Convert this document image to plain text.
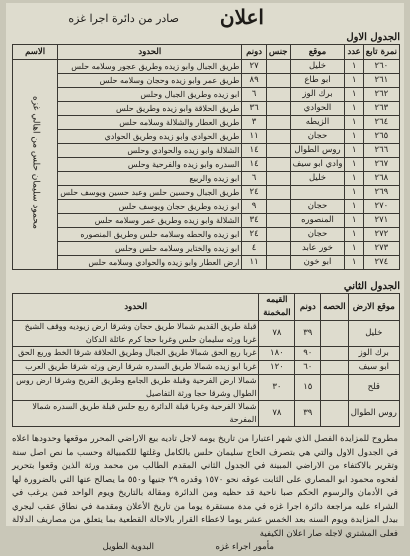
اعلان
صادر من دائرة اجرا غزه
الجدول الاول
نمرة تابع	عدد	موقع	جنس	دونم	الحدود	الاسم
٢٦٠	١	خليل		٢٧	طريق الجبال وابو زيده وطريق عجور وسلامه حلس	محمود سليمان حلس من اهالي غزه
٢٦١	١	ابو طاع		٨٩	طريق عمر وابو زيده وحجان وسلامه حلس	
٢٦٢	١	برك الوز		٦	ابو زيده وطريق الجبال وحلس	
٢٦٣	١	الحوادي		٣٦	طريق الحلاقة وابو زيده وطريق حلس	
٢٦٤	١	الزيطه		٣	طريق العطار والشلالة وسلامه حلس	
٢٦٥	١	حجان		١١	طريق الحوادي وابو زيده وطريق الحوادي	
٢٦٦	١	روس الطوال		١٤	الشلالة وابو زيده والحوادي وحلس	
٢٦٧	١	وادي ابو سيف		١٤	السدره وابو زيده والفرحية وحلس	
٢٦٨	١	خليل		٦	ابو زيده والربيع	
٢٦٩	١			٢٤	طريق الجبال وحسين حلس وعبد حسين ويوسف حلس	
٢٧٠	١	حجان		٩	ابو زيده وطريق حجان ويوسف حلس	
٢٧١	١	المنصوره		٣٤	الشلالة وابو زيده وطريق عمر وسلامه حلس	
٢٧٢	١	حجان		٢٤	ابو زيده والحطه وسلامه حلس وطريق المنصوره	
٢٧٣	١	خور عابد		٤	ابو زيده والختاير وسلامه حلس وحلس	
٢٧٤	١	ابو خون		١١	ارض العطار وابو زيده والحوادي وسلامه حلس	
الجدول الثاني
موقع الارض	الحصه	دونم	القيمه المخمنة	الحدود
خليل		٣٩	٧٨	قبلة طريق القديم شمالا طريق حجان وشرقا ارض زيوديه ووقف الشيخ غربا ورثه سليمان حلس وغربا حجا كرم عائلة الدكان
برك الوز		٩٠	١٨٠	غربا ربع الحق شمالا طريق الجبال وطريق الحلاقة شرقا الخط وربع الحق
ابو سيف		٦٠	١٢٠	غربا ابو زيده شمالا طريق السدره شرقا ارض ورثه شرقا طريق العرب
قلح		١٥	٣٠	شمالا ارض الفرحية وقبلة طريق الجامع وطريق الفريح وشرقا ارض روس الطوال وشرقا حجا ورثة التفاصيل
روس الطوال		٣٩	٧٨	شمالا الفرحية وغربا قبلة الدائرة ربع حلس قبلة طريق السدره شمالا المفرحة

مطروح للمزايدة الفصل الذي شهر اعتبارا من تاريخ يومه لاجل تاديه بيع الاراضي المحرر موقعها وحدودها اعلاه في الجدول الاول والتي هي بتصرف الحاج سليمان حلس بالكامل وغلتها للكمبيالة وحسب ما نص اصل سنة وتقرير بالاكتفاء من الاراضي المبينة في الجدول الثاني المقدم الطالب من محمد ورثة الذين وقعوا بتحرير لفحوه محمود ابو المصاري على الثابت عوقه نحو ١٥٧٠ وقدره ٢٩ جنيها و٥٥٠ ما يصالح عنها التي بالضرورة لها في الأدمان والرسوم الحكم صبا ناحية قد حظيه ومن الدائرة ومقالة بالتاريخ ويوم الواحد فمن يرغب في الشراء عليه مراجعة دائرة اجرا غزه في مدة مستقرة يوما من تاريخ الأعلان ومقدمة في نطاق عقب ليجري بيدل المزايدة ويوم السنه بعد الخمس عشر يوما لاعطاء القرار بالاحالة القطعية بما يتعلق من مصاريف الدلالة فعلى المشتري لاجله صار اعلان الكيفية

مأمور اجراء غزه
البدوية الطويل
